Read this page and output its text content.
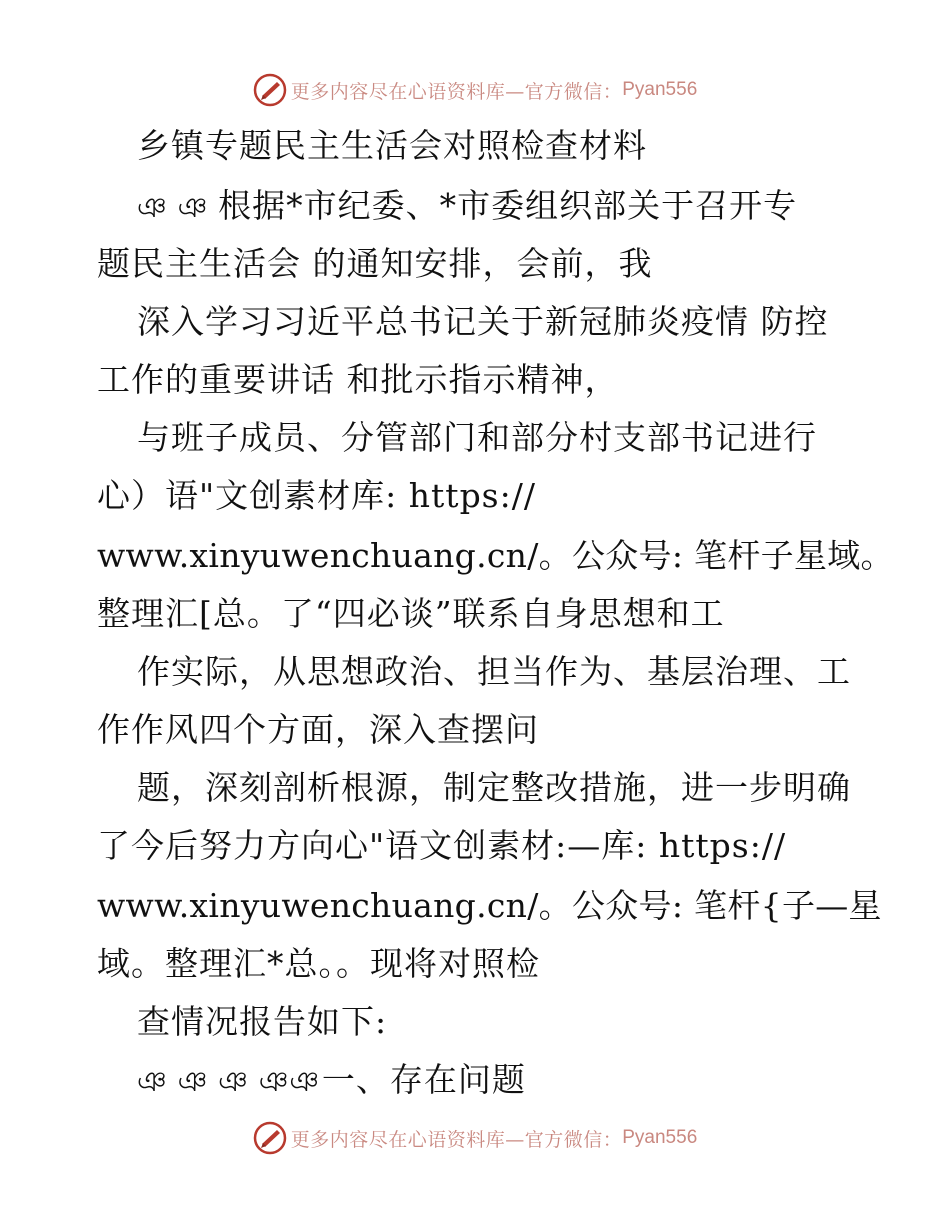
更多内容尽在心语资料库—官方微信： Pyan556
乡镇专题民主生活会对照检查材料
ঞ ঞ 根据*市纪委、*市委组织部关于召开专
题民主生活会 的通知安排，会前，我
深入学习习近平总书记关于新冠肺炎疫情 防控
工作的重要讲话 和批示指示精神，
与班子成员、分管部门和部分村支部书记进行
心）语"文创素材库: https://
www.xinyuwenchuang.cn/。公众号: 笔杆子星域。
整理汇[总。了“四必谈”联系自身思想和工
作实际，从思想政治、担当作为、基层治理、工
作作风四个方面，深入查摆问
题，深刻剖析根源，制定整改措施，进一步明确
了今后努力方向心"语文创素材:—库: https://
www.xinyuwenchuang.cn/。公众号: 笔杆{子—星
域。整理汇*总。。现将对照检
查情况报告如下:
ঞ ঞ ঞ ঞঞ一、存在问题
更多内容尽在心语资料库—官方微信： Pyan556
